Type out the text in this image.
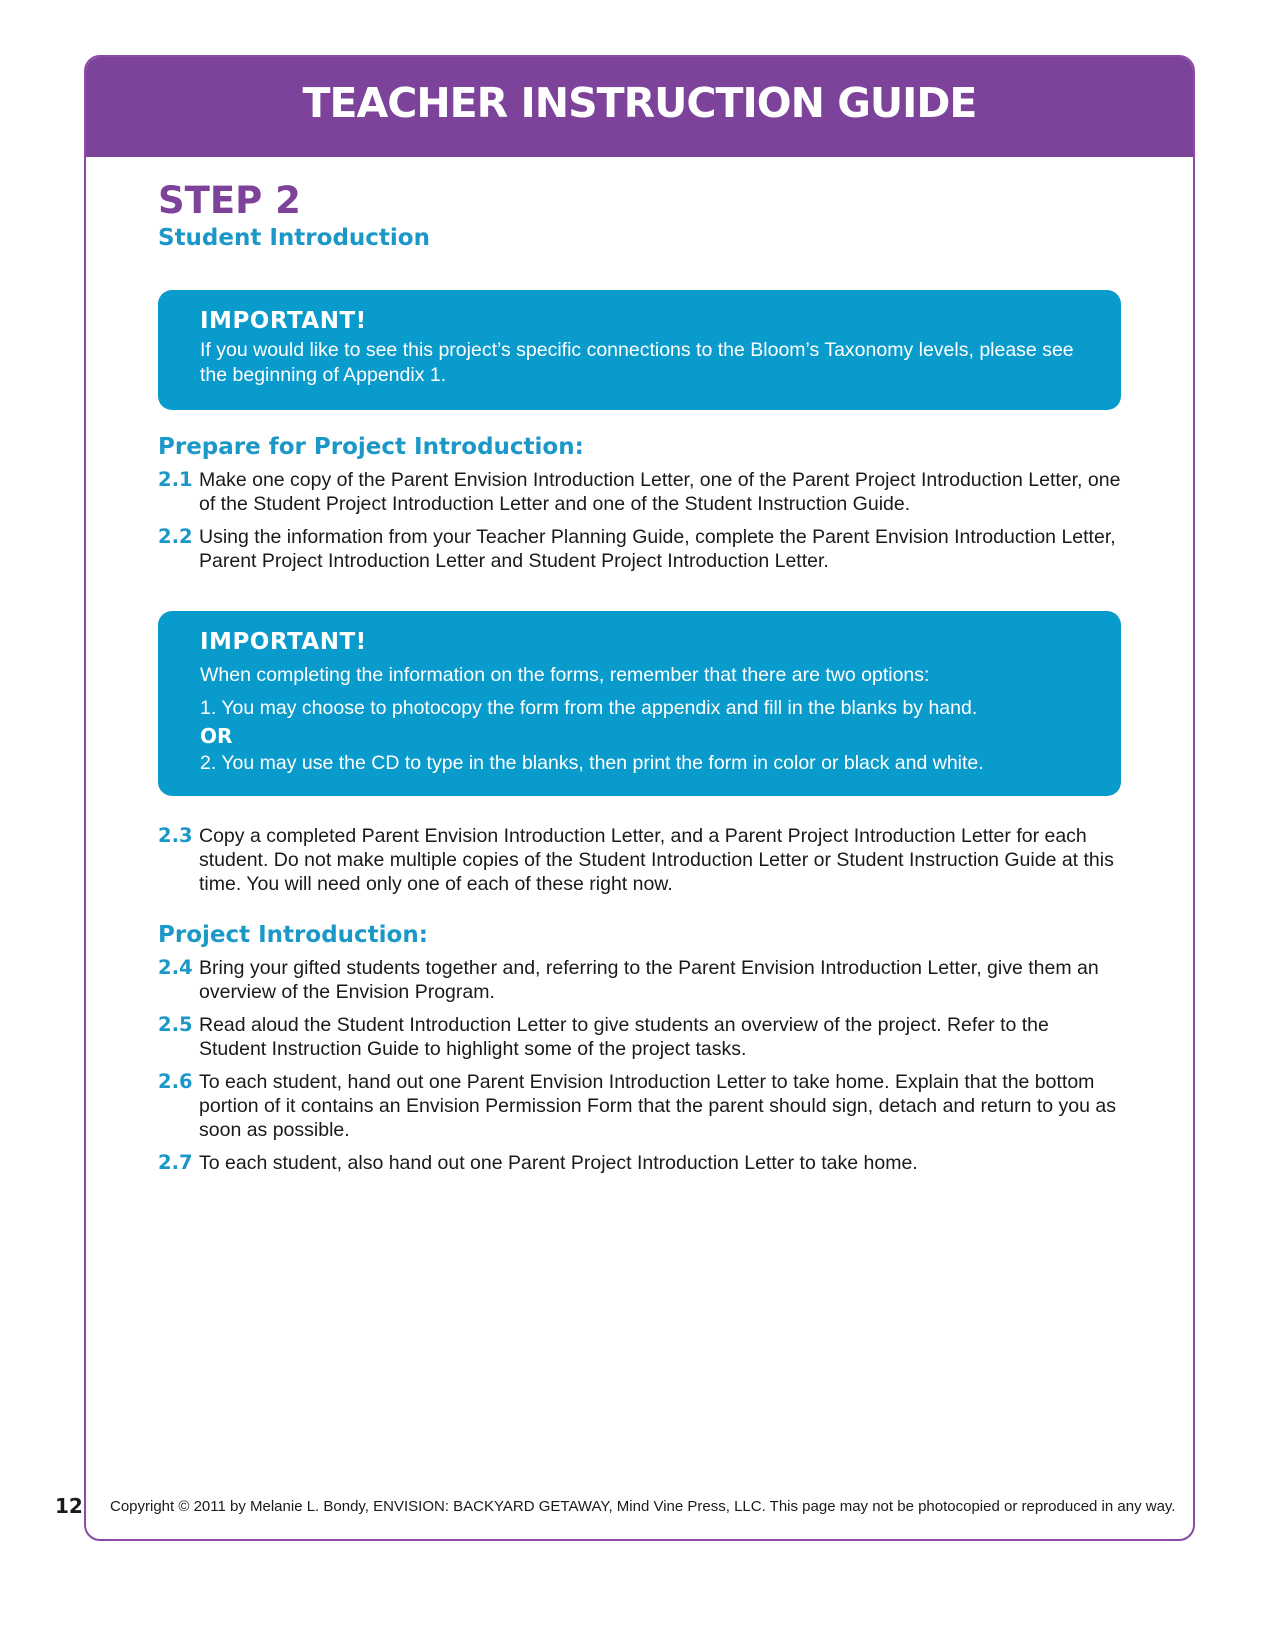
TEACHER INSTRUCTION GUIDE
STEP 2
Student Introduction
IMPORTANT!

If you would like to see this project’s specific connections to the Bloom’s Taxonomy levels, please see the beginning of Appendix 1.

Prepare for Project Introduction:
2.1 Make one copy of the Parent Envision Introduction Letter, one of the Parent Project Introduction Letter, one of the Student Project Introduction Letter and one of the Student Instruction Guide.
2.2 Using the information from your Teacher Planning Guide, complete the Parent Envision Introduction Letter, Parent Project Introduction Letter and Student Project Introduction Letter.
IMPORTANT!

When completing the information on the forms, remember that there are two options:

1. You may choose to photocopy the form from the appendix and fill in the blanks by hand.

OR

2. You may use the CD to type in the blanks, then print the form in color or black and white.

2.3 Copy a completed Parent Envision Introduction Letter, and a Parent Project Introduction Letter for each student. Do not make multiple copies of the Student Introduction Letter or Student Instruction Guide at this time. You will need only one of each of these right now.
Project Introduction:
2.4 Bring your gifted students together and, referring to the Parent Envision Introduction Letter, give them an overview of the Envision Program.
2.5 Read aloud the Student Introduction Letter to give students an overview of the project. Refer to the Student Instruction Guide to highlight some of the project tasks.
2.6 To each student, hand out one Parent Envision Introduction Letter to take home. Explain that the bottom portion of it contains an Envision Permission Form that the parent should sign, detach and return to you as soon as possible.
2.7 To each student, also hand out one Parent Project Introduction Letter to take home.
12 Copyright © 2011 by Melanie L. Bondy, ENVISION: BACKYARD GETAWAY, Mind Vine Press, LLC. This page may not be photocopied or reproduced in any way.
